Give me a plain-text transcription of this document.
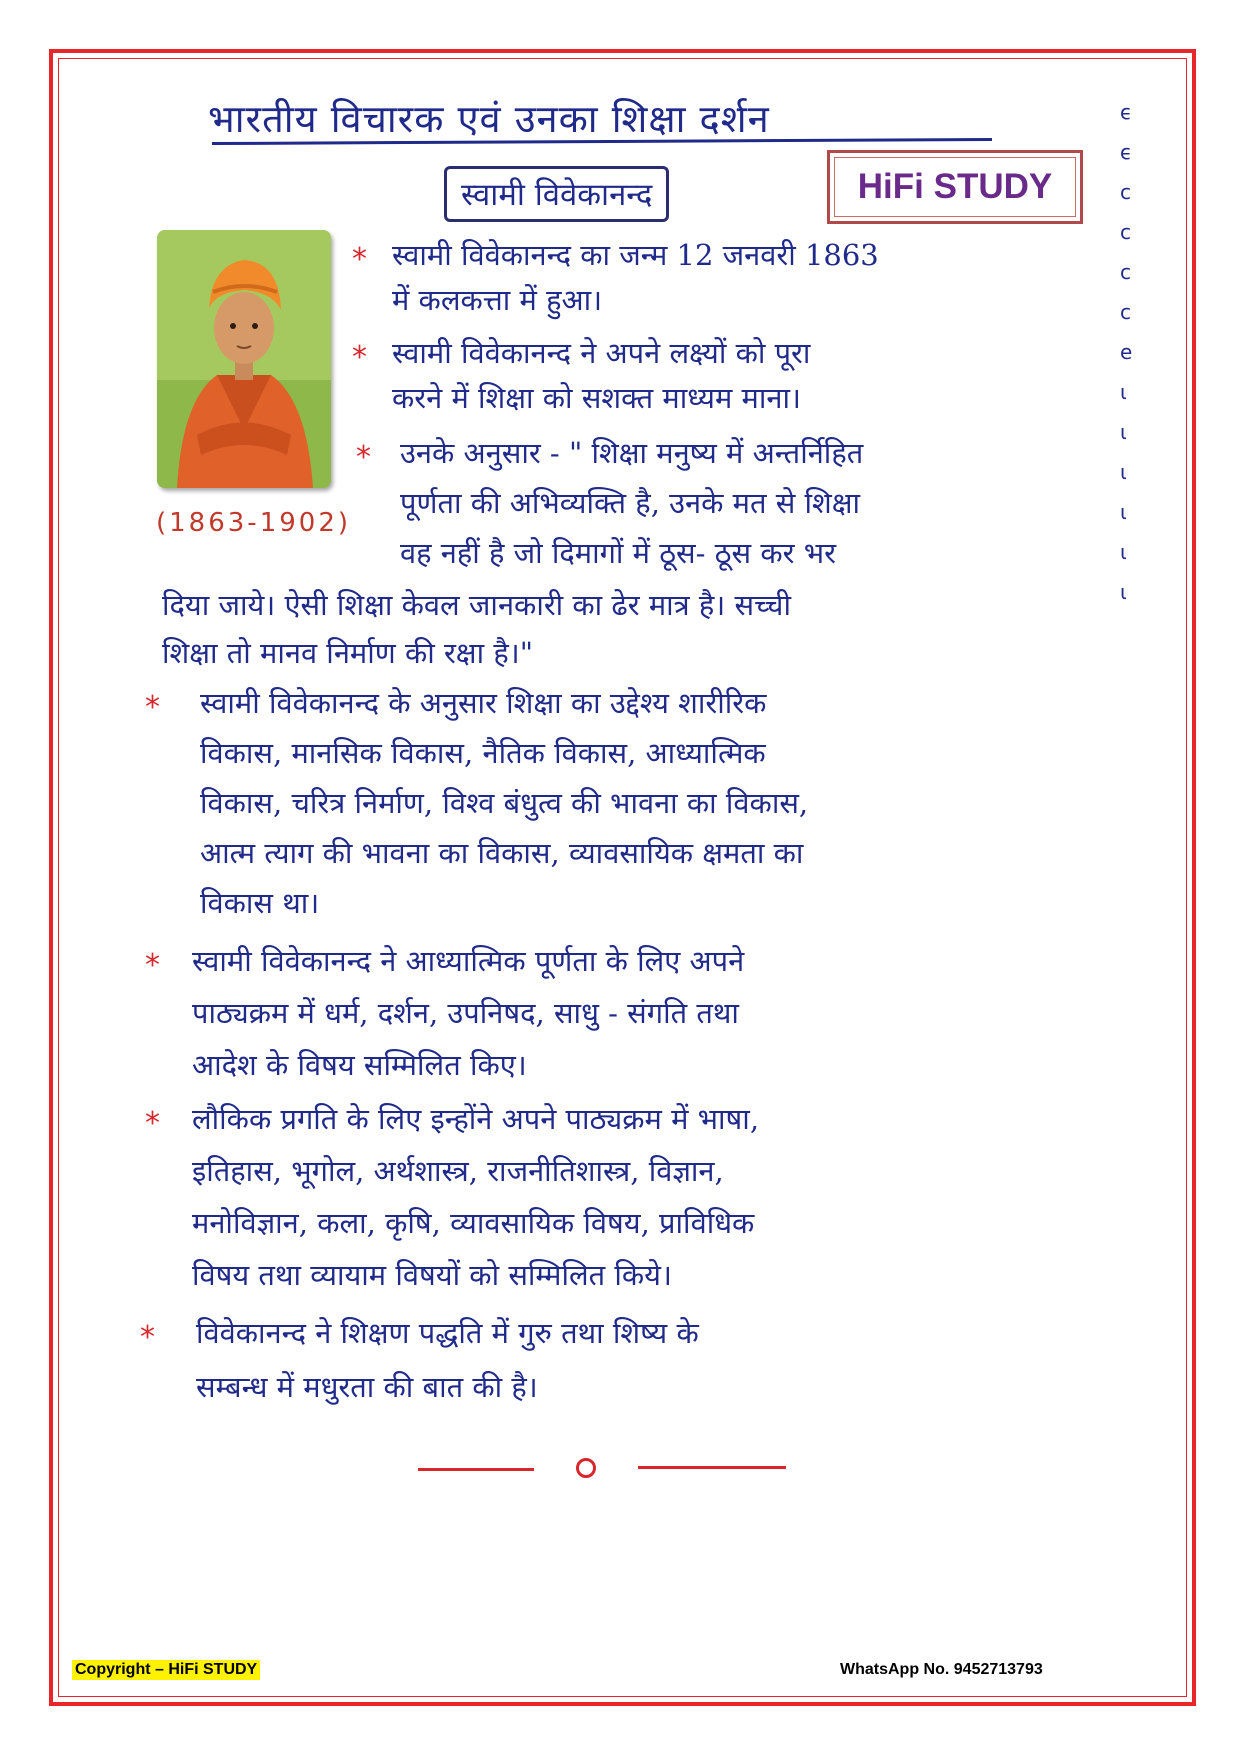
भारतीय विचारक एवं उनका शिक्षा दर्शन
स्वामी विवेकानन्द	HiFi STUDY
ϵ
ϵ
c
c
c
c
e
ι
ι
ι
ι
ι
ι
(1863-1902)
* स्वामी विवेकानन्द का जन्म 12 जनवरी 1863
में कलकत्ता में हुआ।
* स्वामी विवेकानन्द ने अपने लक्ष्यों को पूरा
करने में शिक्षा को सशक्त माध्यम माना।
* उनके अनुसार - " शिक्षा मनुष्य में अन्तर्निहित
पूर्णता की अभिव्यक्ति है, उनके मत से शिक्षा
वह नहीं है जो दिमागों में ठूस- ठूस कर भर
दिया जाये। ऐसी शिक्षा केवल जानकारी का ढेर मात्र है। सच्ची
शिक्षा तो मानव निर्माण की रक्षा है।"
* स्वामी विवेकानन्द के अनुसार शिक्षा का उद्देश्य शारीरिक
विकास, मानसिक विकास, नैतिक विकास, आध्यात्मिक
विकास, चरित्र निर्माण, विश्व बंधुत्व की भावना का विकास,
आत्म त्याग की भावना का विकास, व्यावसायिक क्षमता का
विकास था।
* स्वामी विवेकानन्द ने आध्यात्मिक पूर्णता के लिए अपने
पाठ्यक्रम में धर्म, दर्शन, उपनिषद, साधु - संगति तथा
आदेश के विषय सम्मिलित किए।
* लौकिक प्रगति के लिए इन्होंने अपने पाठ्यक्रम में भाषा,
इतिहास, भूगोल, अर्थशास्त्र, राजनीतिशास्त्र, विज्ञान,
मनोविज्ञान, कला, कृषि, व्यावसायिक विषय, प्राविधिक
विषय तथा व्यायाम विषयों को सम्मिलित किये।
* विवेकानन्द ने शिक्षण पद्धति में गुरु तथा शिष्य के
सम्बन्ध में मधुरता की बात की है।
Copyright – HiFi STUDY	WhatsApp No. 9452713793
